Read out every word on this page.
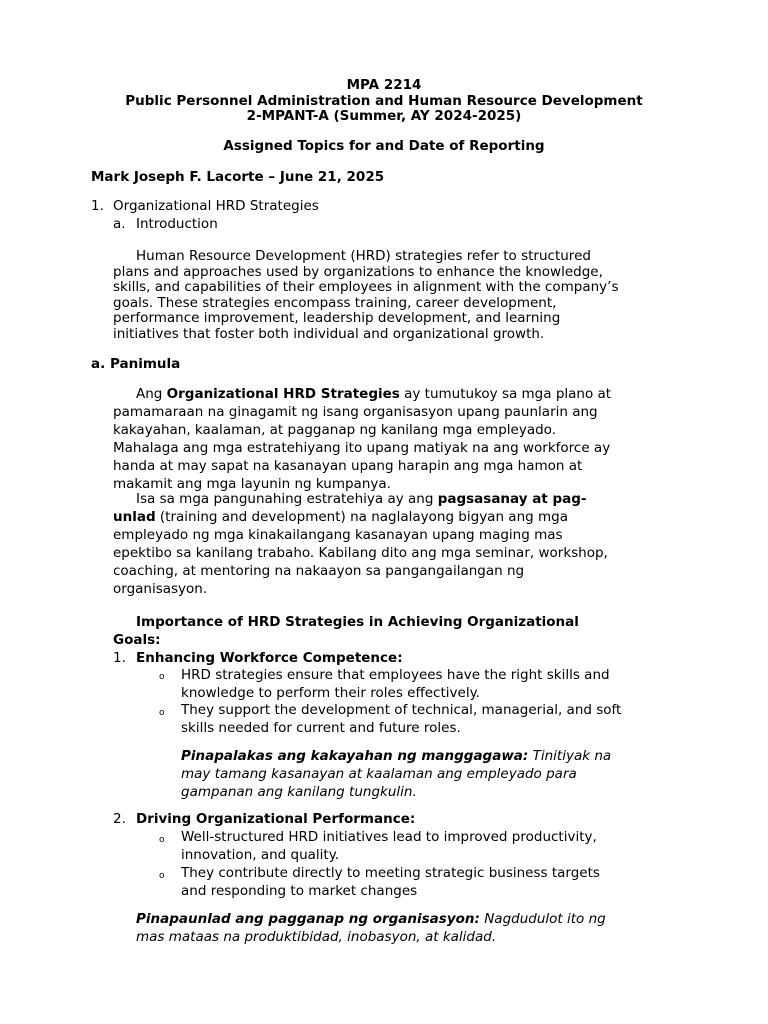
MPA 2214
Public Personnel Administration and Human Resource Development
2-MPANT-A (Summer, AY 2024-2025)
Assigned Topics for and Date of Reporting
Mark Joseph F. Lacorte – June 21, 2025
1. Organizational HRD Strategies
a. Introduction
Human Resource Development (HRD) strategies refer to structured
plans and approaches used by organizations to enhance the knowledge,
skills, and capabilities of their employees in alignment with the company’s
goals. These strategies encompass training, career development,
performance improvement, leadership development, and learning
initiatives that foster both individual and organizational growth.
a. Panimula
Ang Organizational HRD Strategies ay tumutukoy sa mga plano at
pamamaraan na ginagamit ng isang organisasyon upang paunlarin ang
kakayahan, kaalaman, at pagganap ng kanilang mga empleyado.
Mahalaga ang mga estratehiyang ito upang matiyak na ang workforce ay
handa at may sapat na kasanayan upang harapin ang mga hamon at
makamit ang mga layunin ng kumpanya.
Isa sa mga pangunahing estratehiya ay ang pagsasanay at pag-
unlad (training and development) na naglalayong bigyan ang mga
empleyado ng mga kinakailangang kasanayan upang maging mas
epektibo sa kanilang trabaho. Kabilang dito ang mga seminar, workshop,
coaching, at mentoring na nakaayon sa pangangailangan ng
organisasyon.
Importance of HRD Strategies in Achieving Organizational
Goals:
1. Enhancing Workforce Competence:
o HRD strategies ensure that employees have the right skills and
knowledge to perform their roles effectively.
o They support the development of technical, managerial, and soft
skills needed for current and future roles.
Pinapalakas ang kakayahan ng manggagawa: Tinitiyak na
may tamang kasanayan at kaalaman ang empleyado para
gampanan ang kanilang tungkulin.
2. Driving Organizational Performance:
o Well-structured HRD initiatives lead to improved productivity,
innovation, and quality.
o They contribute directly to meeting strategic business targets
and responding to market changes
Pinapaunlad ang pagganap ng organisasyon: Nagdudulot ito ng
mas mataas na produktibidad, inobasyon, at kalidad.
